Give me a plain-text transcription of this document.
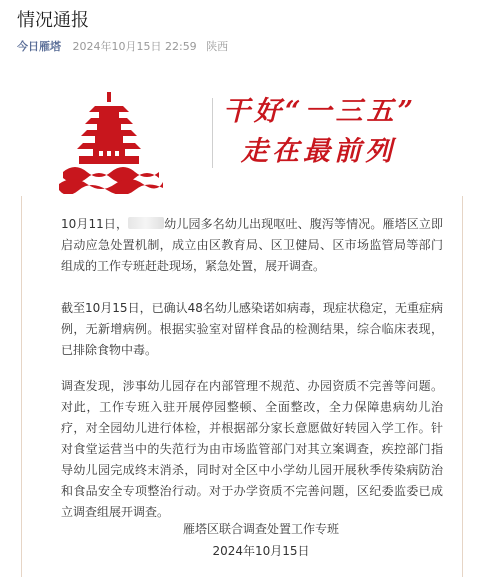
情况通报
今日雁塔 2024年10月15日 22:59 陕西
干好“一三五”
走在最前列

10月11日，	幼儿园多名幼儿出现呕吐、腹泻等情况。雁塔区立即启动应急处置机制，成立由区教育局、区卫健局、区市场监管局等部门组成的工作专班赶赴现场，紧急处置，展开调查。

截至10月15日，已确认48名幼儿感染诺如病毒，现症状稳定，无重症病例，无新增病例。根据实验室对留样食品的检测结果，综合临床表现，已排除食物中毒。

调查发现，涉事幼儿园存在内部管理不规范、办园资质不完善等问题。对此，工作专班入驻开展停园整顿、全面整改，全力保障患病幼儿治疗，对全园幼儿进行体检，并根据部分家长意愿做好转园入学工作。针对食堂运营当中的失范行为由市场监管部门对其立案调查，疾控部门指导幼儿园完成终末消杀，同时对全区中小学幼儿园开展秋季传染病防治和食品安全专项整治行动。对于办学资质不完善问题，区纪委监委已成立调查组展开调查。

雁塔区联合调查处置工作专班
2024年10月15日
